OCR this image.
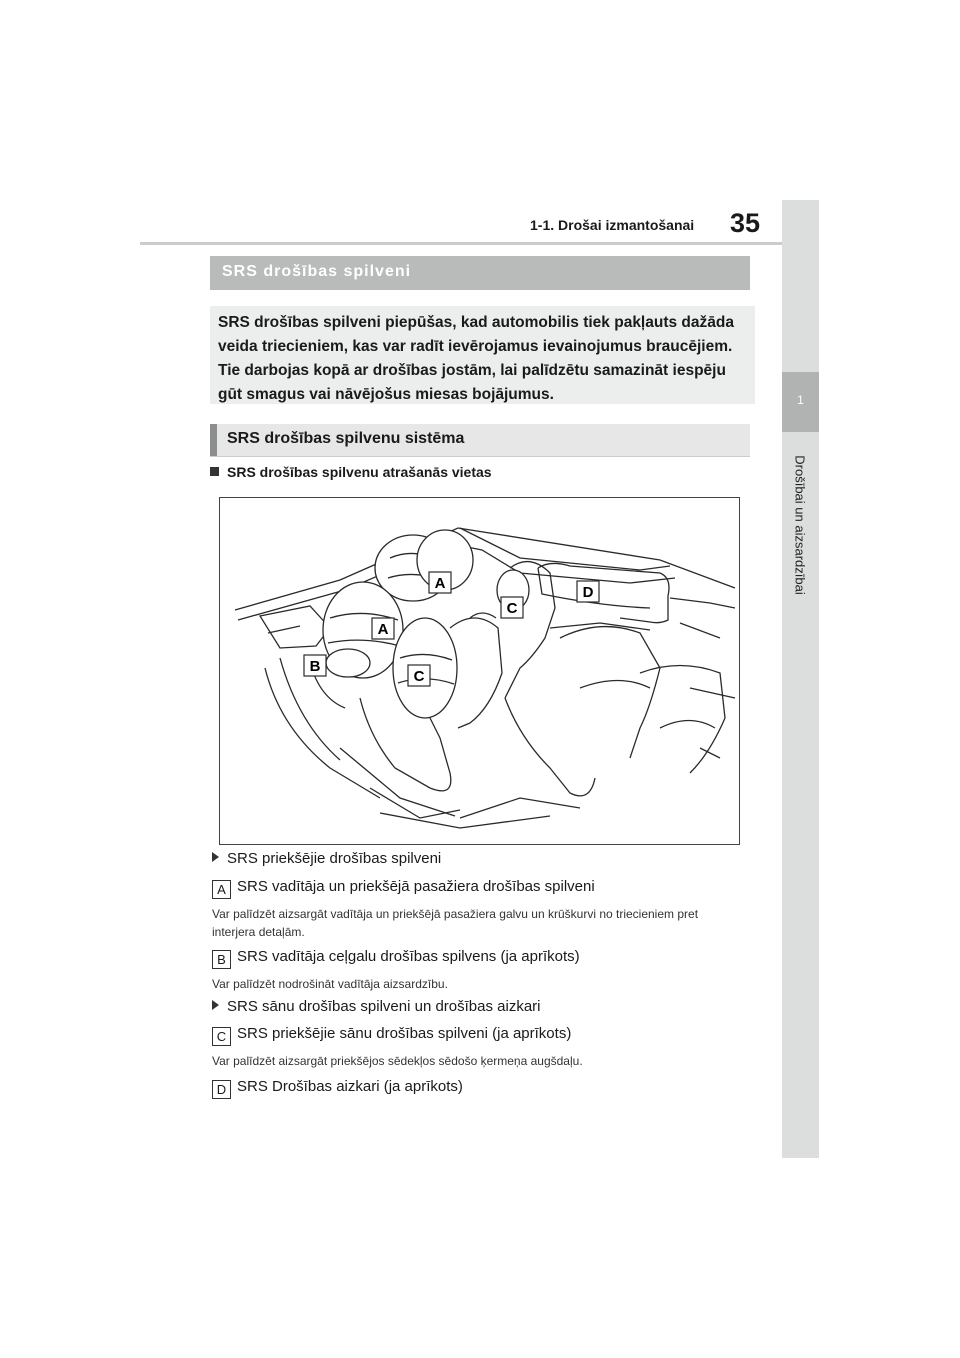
1-1. Drošai izmantošanai 35
1
Drošībai un aizsardzībai
SRS drošības spilveni
SRS drošības spilveni piepūšas, kad automobilis tiek pakļauts dažāda veida triecieniem, kas var radīt ievērojamus ievainojumus braucējiem. Tie darbojas kopā ar drošības jostām, lai palīdzētu samazināt iespēju gūt smagus vai nāvējošus miesas bojājumus.
SRS drošības spilvenu sistēma
SRS drošības spilvenu atrašanās vietas
A
A
B
C
C
D
SRS priekšējie drošības spilveni
A SRS vadītāja un priekšējā pasažiera drošības spilveni
Var palīdzēt aizsargāt vadītāja un priekšējā pasažiera galvu un krūškurvi no triecieniem pret interjera detaļām.
B SRS vadītāja ceļgalu drošības spilvens (ja aprīkots)
Var palīdzēt nodrošināt vadītāja aizsardzību.
SRS sānu drošības spilveni un drošības aizkari
C SRS priekšējie sānu drošības spilveni (ja aprīkots)
Var palīdzēt aizsargāt priekšējos sēdekļos sēdošo ķermeņa augšdaļu.
D SRS Drošības aizkari (ja aprīkots)
